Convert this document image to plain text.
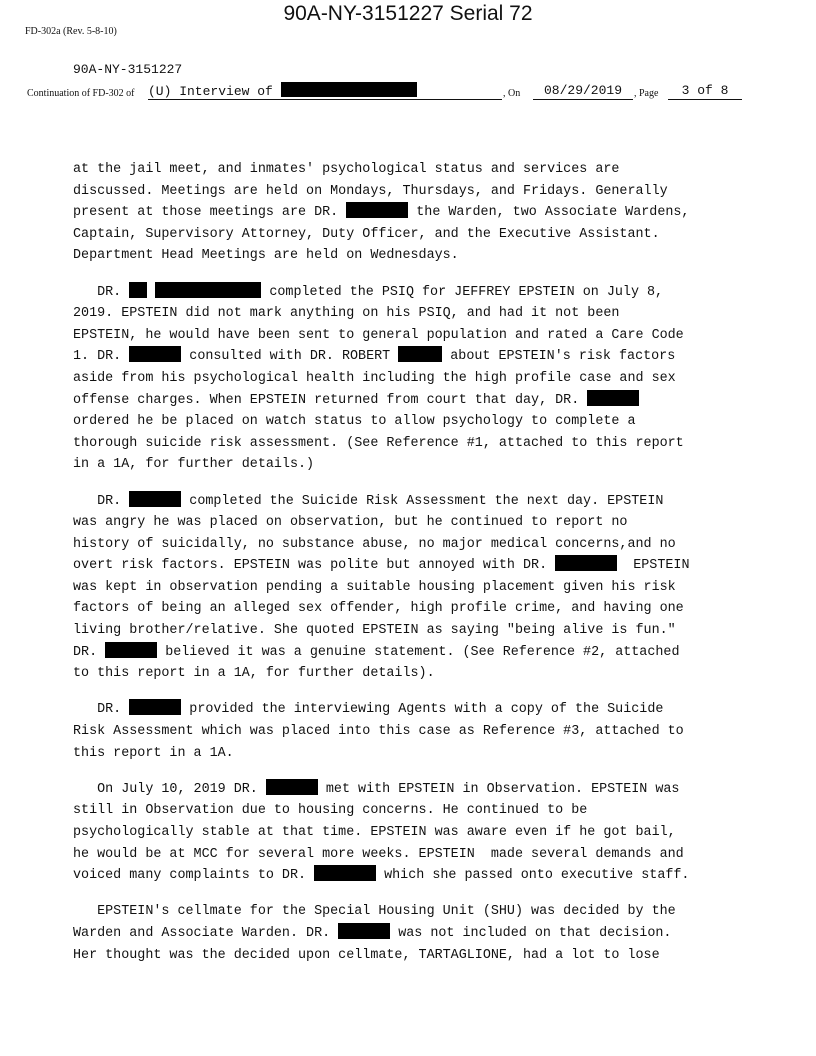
90A-NY-3151227 Serial 72
FD-302a (Rev. 5-8-10)
90A-NY-3151227
Continuation of FD-302 of (U) Interview of	, On	08/29/2019	, Page	3 of 8
at the jail meet, and inmates' psychological status and services are
discussed. Meetings are held on Mondays, Thursdays, and Fridays. Generally
present at those meetings are DR.	the Warden, two Associate Wardens,
Captain, Supervisory Attorney, Duty Officer, and the Executive Assistant.
Department Head Meetings are held on Wednesdays.
DR.	completed the PSIQ for JEFFREY EPSTEIN on July 8,
2019. EPSTEIN did not mark anything on his PSIQ, and had it not been
EPSTEIN, he would have been sent to general population and rated a Care Code
1. DR.	consulted with DR. ROBERT	about EPSTEIN's risk factors
aside from his psychological health including the high profile case and sex
offense charges. When EPSTEIN returned from court that day, DR.
ordered he be placed on watch status to allow psychology to complete a
thorough suicide risk assessment. (See Reference #1, attached to this report
in a 1A, for further details.)
DR.	completed the Suicide Risk Assessment the next day. EPSTEIN
was angry he was placed on observation, but he continued to report no
history of suicidally, no substance abuse, no major medical concerns,and no
overt risk factors. EPSTEIN was polite but annoyed with DR.	EPSTEIN
was kept in observation pending a suitable housing placement given his risk
factors of being an alleged sex offender, high profile crime, and having one
living brother/relative. She quoted EPSTEIN as saying "being alive is fun."
DR.	believed it was a genuine statement. (See Reference #2, attached
to this report in a 1A, for further details).
DR.	provided the interviewing Agents with a copy of the Suicide
Risk Assessment which was placed into this case as Reference #3, attached to
this report in a 1A.
On July 10, 2019 DR.	met with EPSTEIN in Observation. EPSTEIN was
still in Observation due to housing concerns. He continued to be
psychologically stable at that time. EPSTEIN was aware even if he got bail,
he would be at MCC for several more weeks. EPSTEIN  made several demands and
voiced many complaints to DR.	which she passed onto executive staff.
EPSTEIN's cellmate for the Special Housing Unit (SHU) was decided by the
Warden and Associate Warden. DR.	was not included on that decision.
Her thought was the decided upon cellmate, TARTAGLIONE, had a lot to lose
